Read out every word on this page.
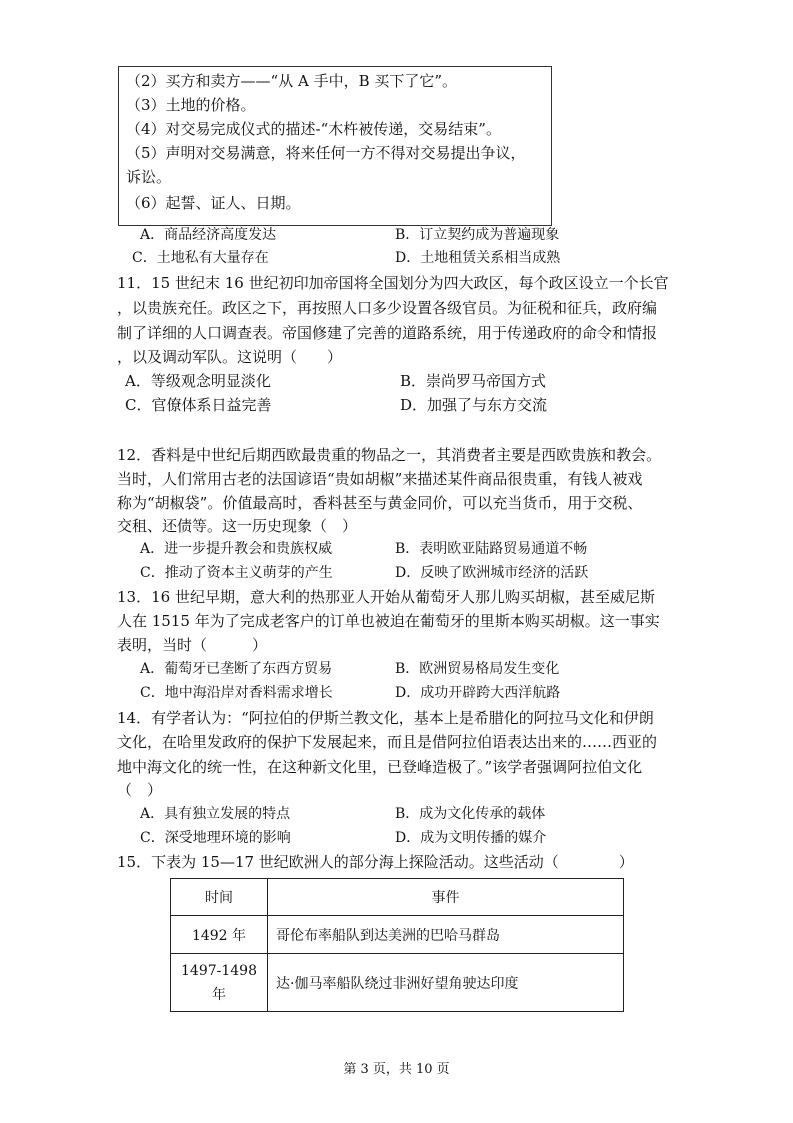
（2）买方和卖方——“从 A 手中，B 买下了它”。
（3）土地的价格。
（4）对交易完成仪式的描述-“木杵被传递，交易结束”。
（5）声明对交易满意，将来任何一方不得对交易提出争议，
诉讼。
（6）起誓、证人、日期。
A．商品经济高度发达	B．订立契约成为普遍现象
C．土地私有大量存在	D．土地租赁关系相当成熟
11．15 世纪末 16 世纪初印加帝国将全国划分为四大政区，每个政区设立一个长官
，以贵族充任。政区之下，再按照人口多少设置各级官员。为征税和征兵，政府编
制了详细的人口调查表。帝国修建了完善的道路系统，用于传递政府的命令和情报
，以及调动军队。这说明（　　）
A．等级观念明显淡化	B．崇尚罗马帝国方式
C．官僚体系日益完善	D．加强了与东方交流
12．香料是中世纪后期西欧最贵重的物品之一，其消费者主要是西欧贵族和教会。
当时，人们常用古老的法国谚语“贵如胡椒”来描述某件商品很贵重，有钱人被戏
称为“胡椒袋”。价值最高时，香料甚至与黄金同价，可以充当货币，用于交税、
交租、还债等。这一历史现象（　）
A．进一步提升教会和贵族权威	B．表明欧亚陆路贸易通道不畅
C．推动了资本主义萌芽的产生	D．反映了欧洲城市经济的活跃
13．16 世纪早期，意大利的热那亚人开始从葡萄牙人那儿购买胡椒，甚至威尼斯
人在 1515 年为了完成老客户的订单也被迫在葡萄牙的里斯本购买胡椒。这一事实
表明，当时（　　　）
A．葡萄牙已垄断了东西方贸易	B．欧洲贸易格局发生变化
C．地中海沿岸对香料需求增长	D．成功开辟跨大西洋航路
14．有学者认为：“阿拉伯的伊斯兰教文化，基本上是希腊化的阿拉马文化和伊朗
文化，在哈里发政府的保护下发展起来，而且是借阿拉伯语表达出来的……西亚的
地中海文化的统一性，在这种新文化里，已登峰造极了。”该学者强调阿拉伯文化
（　）
A．具有独立发展的特点	B．成为文化传承的载体
C．深受地理环境的影响	D．成为文明传播的媒介
15．下表为 15—17 世纪欧洲人的部分海上探险活动。这些活动（　　　　）
时间	事件
1492 年	哥伦布率船队到达美洲的巴哈马群岛
1497-1498
年	达·伽马率船队绕过非洲好望角驶达印度
第 3 页，共 10 页
